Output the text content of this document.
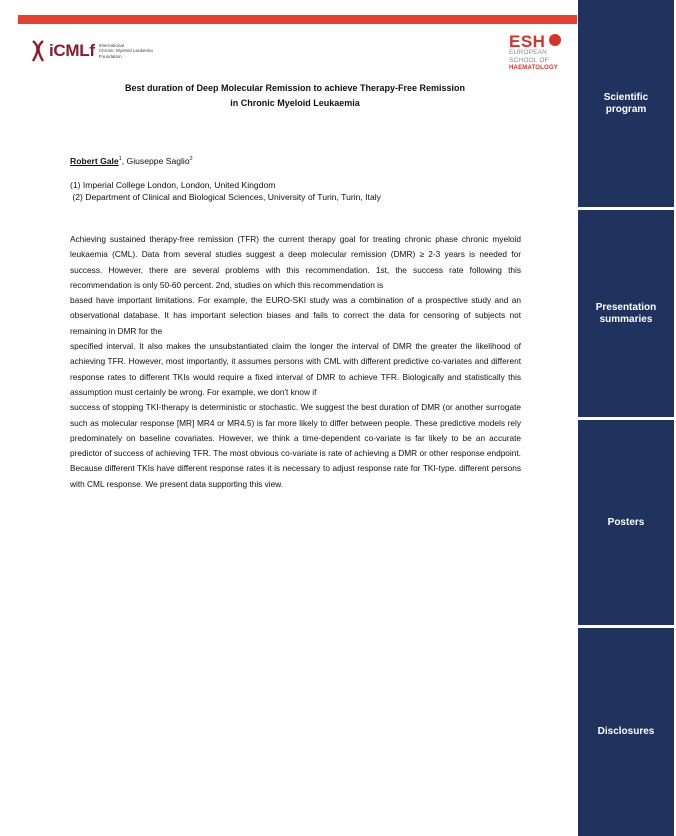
iCMLf International
Chronic Myeloid Leukemia
Foundation
ESH
EUROPEAN
SCHOOL OF
HAEMATOLOGY
Best duration of Deep Molecular Remission to achieve Therapy-Free Remission
in Chronic Myeloid Leukaemia
Robert Gale$^1$, Giuseppe Saglio$^2$
(1) Imperial College London, London, United Kingdom
(2) Department of Clinical and Biological Sciences, University of Turin, Turin, Italy

Achieving sustained therapy-free remission (TFR) the current therapy goal for treating chronic phase chronic myeloid leukaemia (CML). Data from several studies suggest a deep molecular remission (DMR) ≥ 2-3 years is needed for success. However, there are several problems with this recommendation. 1st, the success rate following this recommendation is only 50-60 percent. 2nd, studies on which this recommendation is

based have important limitations. For example, the EURO-SKI study was a combination of a prospective study and an observational database. It has important selection biases and fails to correct the data for censoring of subjects not remaining in DMR for the

specified interval. It also makes the unsubstantiated claim the longer the interval of DMR the greater the likelihood of achieving TFR. However, most importantly, it assumes persons with CML with different predictive co-variates and different response rates to different TKIs would require a fixed interval of DMR to achieve TFR. Biologically and statistically this assumption must certainly be wrong. For example, we don't know if

success of stopping TKI-therapy is deterministic or stochastic. We suggest the best duration of DMR (or another surrogate such as molecular response [MR] MR4 or MR4.5) is far more likely to differ between people. These predictive models rely predominately on baseline covariates. However, we think a time-dependent co-variate is far likely to be an accurate predictor of success of achieving TFR. The most obvious co-variate is rate of achieving a DMR or other response endpoint. Because different TKIs have different response rates it is necessary to adjust response rate for TKI-type. different persons with CML response. We present data supporting this view.

Scientific
program
Presentation
summaries
Posters
Disclosures
